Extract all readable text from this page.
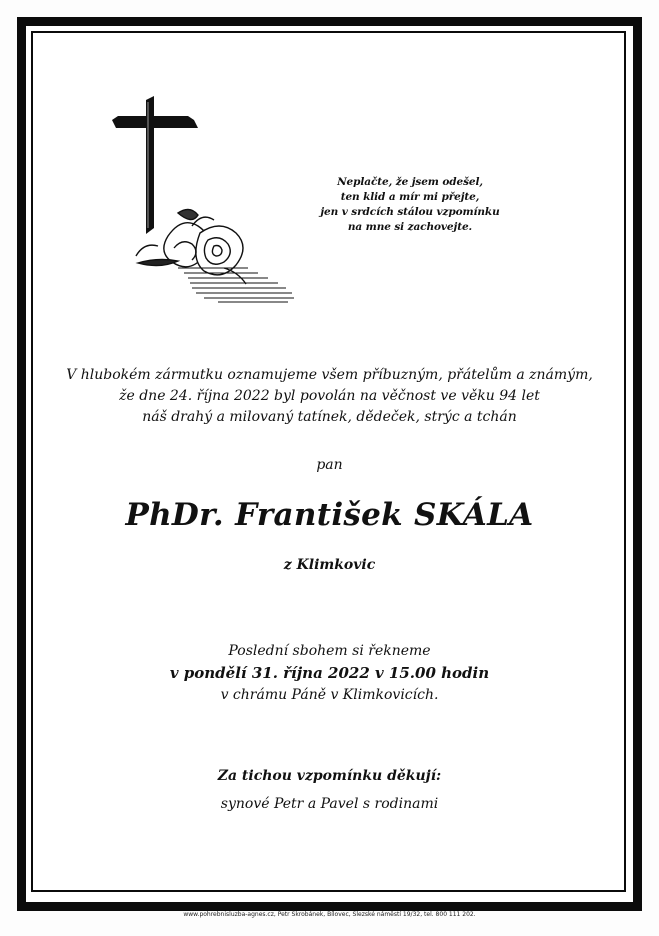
Neplačte, že jsem odešel,
ten klid a mír mi přejte,
jen v srdcích stálou vzpomínku
na mne si zachovejte.
V hlubokém zármutku oznamujeme všem příbuzným, přátelům a známým,
že dne 24. října 2022 byl povolán na věčnost ve věku 94 let
náš drahý a milovaný tatínek, dědeček, strýc a tchán
pan
PhDr. František SKÁLA
z Klimkovic
Poslední sbohem si řekneme
v pondělí 31. října 2022 v 15.00 hodin
v chrámu Páně v Klimkovicích.
Za tichou vzpomínku děkují:
synové Petr a Pavel s rodinami
www.pohrebnisluzba-agnes.cz, Petr Škrobánek, Bílovec, Slezské náměstí 19/32, tel. 800 111 202.
